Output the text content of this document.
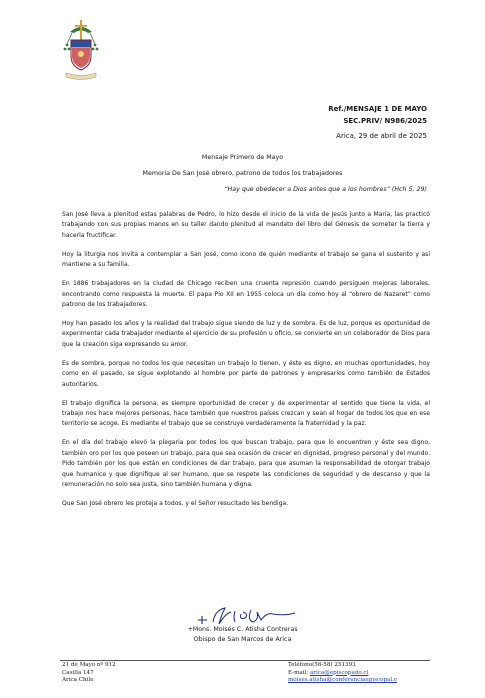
Ref./MENSAJE 1 DE MAYO
SEC.PRIV/ N986/2025
Arica, 29 de abril de 2025
Mensaje Primero de Mayo
Memoria De San José obrero, patrono de todos los trabajadores
“Hay que obedecer a Dios antes que a los hombres” (Hch 5, 29)

San José lleva a plenitud estas palabras de Pedro, lo hizo desde el inicio de la vida de Jesús junto a María, las practicó trabajando con sus propias manos en su taller dando plenitud al mandato del libro del Génesis de someter la tierra y hacerla fructificar.

Hoy la liturgia nos invita a contemplar a San José, como icono de quién mediante el trabajo se gana el sustento y así mantiene a su familia.

En 1886 trabajadores en la ciudad de Chicago reciben una cruenta represión cuando persiguen mejoras laborales, encontrando como respuesta la muerte. El papa Pío XII en 1955 coloca un día como hoy al “obrero de Nazaret” como patrono de los trabajadores.

Hoy han pasado los años y la realidad del trabajo sigue siendo de luz y de sombra. Es de luz, porque es oportunidad de experimentar cada trabajador mediante el ejercicio de su profesión u oficio, se convierte en un colaborador de Dios para que la creación siga expresando su amor.

Es de sombra, porque no todos los que necesitan un trabajo lo tienen, y éste es digno, en muchas oportunidades, hoy como en el pasado, se sigue explotando al hombre por parte de patrones y empresarios como también de Estados autoritarios.

El trabajo dignifica la persona, es siempre oportunidad de crecer y de experimentar el sentido que tiene la vida, el trabajo nos hace mejores personas, hace también que nuestros países crezcan y sean el hogar de todos los que en ese territorio se acoge. Es mediante el trabajo que se construye verdaderamente la fraternidad y la paz.

En el día del trabajo elevó la plegaria por todos los que buscan trabajo, para que lo encuentren y éste sea digno, también oro por los que poseen un trabajo, para que sea ocasión de crecer en dignidad, progreso personal y del mundo. Pido también por los que están en condiciones de dar trabajo, para que asuman la responsabilidad de otorgar trabajo que humanice y que dignifique al ser humano, que se respete las condiciones de seguridad y de descanso y que la remuneración no solo sea justa, sino también humana y digna.

Que San José obrero les proteja a todos, y el Señor resucitado les bendiga.

+Mons. Moisés C. Atisha Contreras
Obispo de San Marcos de Arica
21 de Mayo nº 912
Casilla 147
Arica Chile
Teléfono(56-58) 251393
E-mail: arica@episcopado.cl
moises.atisha@conferenciaepiscopal.c
